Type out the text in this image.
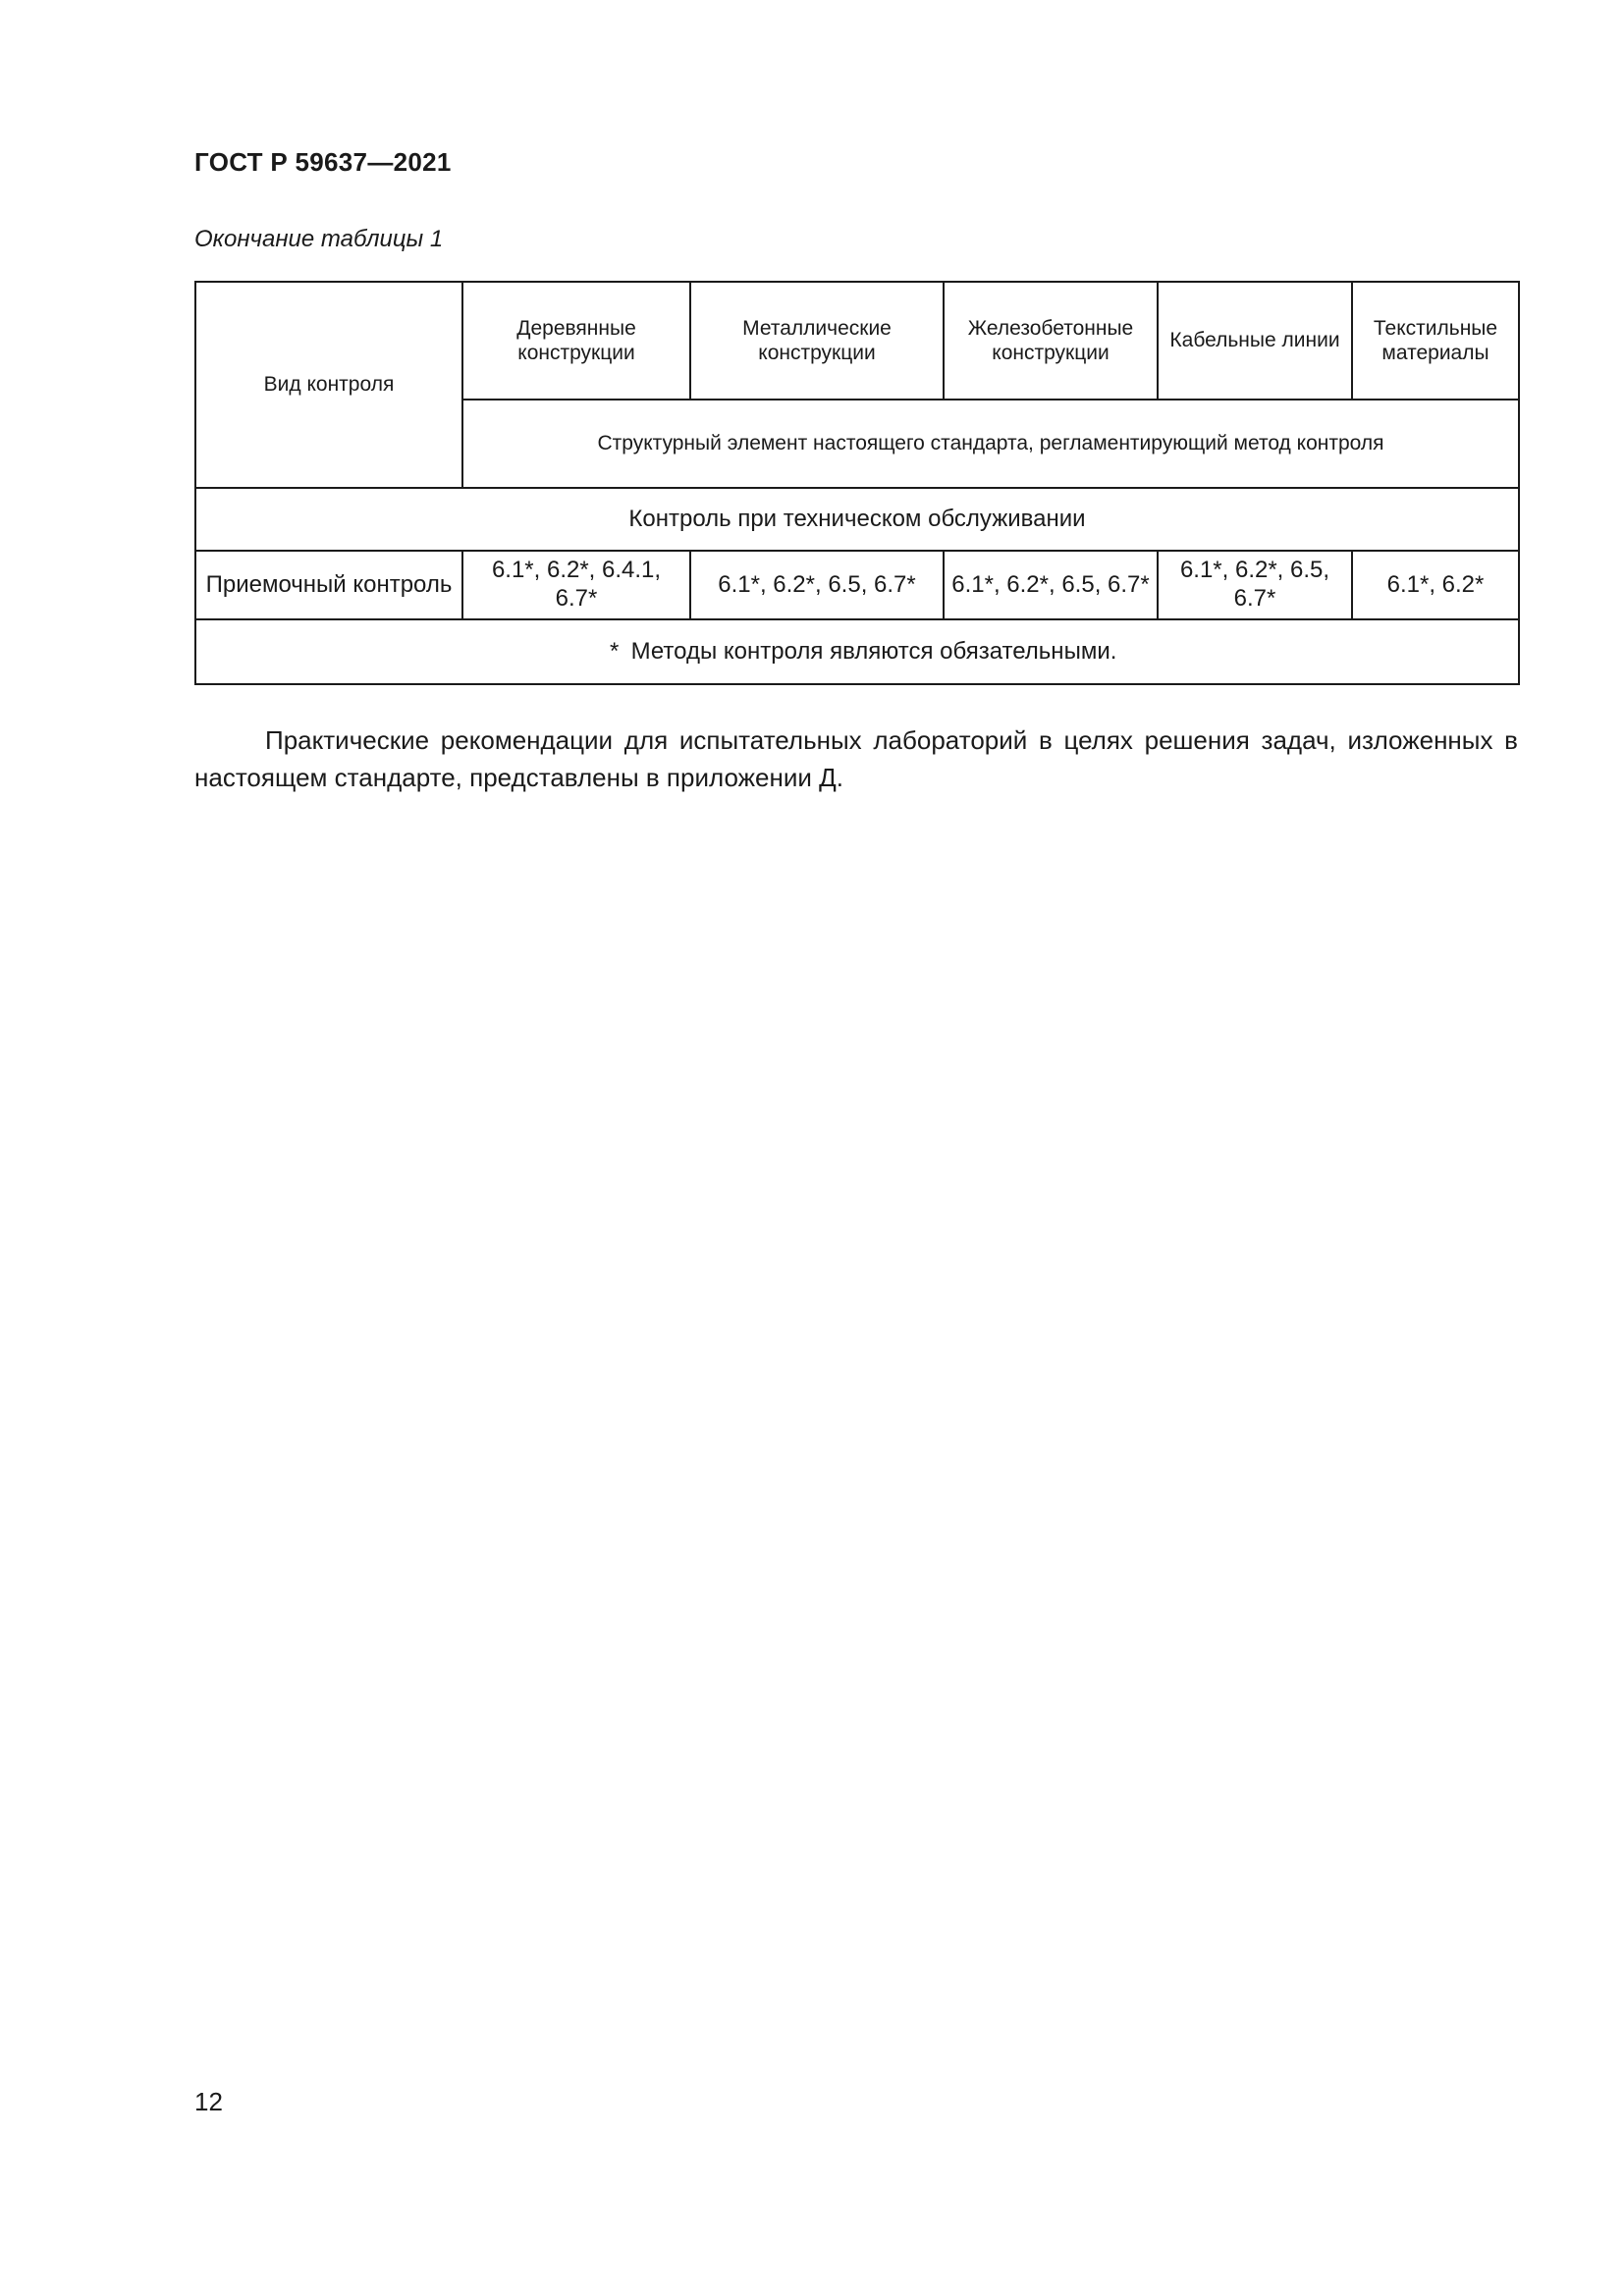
ГОСТ Р 59637—2021
Окончание таблицы 1
Вид контроля	Деревянные конструкции	Металлические конструкции	Железобетонные конструкции	Кабельные линии	Текстильные материалы
	Структурный элемент настоящего стандарта, регламентирующий метод контроля				
Контроль при техническом обслуживании					
Приемочный контроль	6.1*, 6.2*, 6.4.1, 6.7*	6.1*, 6.2*, 6.5, 6.7*	6.1*, 6.2*, 6.5, 6.7*	6.1*, 6.2*, 6.5, 6.7*	6.1*, 6.2*
* Методы контроля являются обязательными.					
Практические рекомендации для испытательных лабораторий в целях решения задач, изложенных в настоящем стандарте, представлены в приложении Д.
12
